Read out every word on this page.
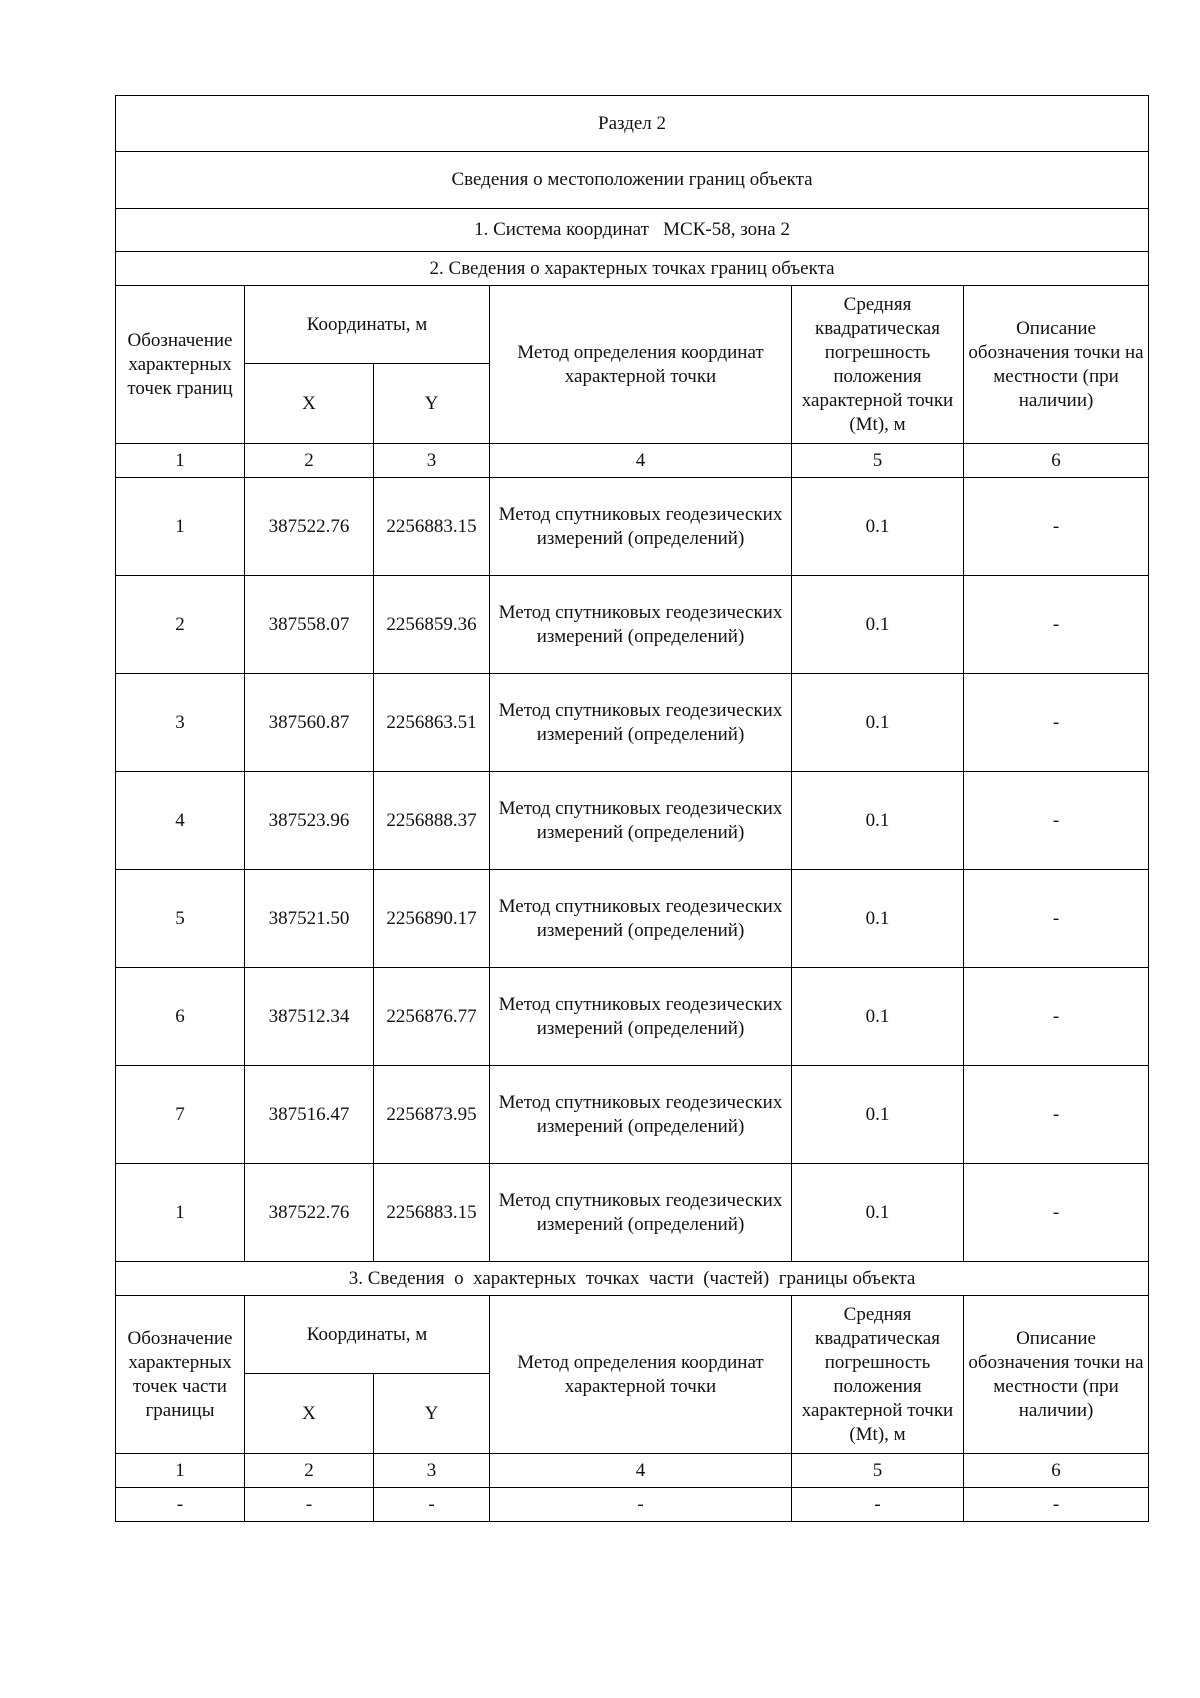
Раздел 2					
Сведения о местоположении границ объекта					
1. Система координат   МСК-58, зона 2					
2. Сведения о характерных точках границ объекта					
Обозначение характерных точек границ	Координаты, м		Метод определения координат характерной точки	Средняя квадратическая погрешность положения характерной точки (Mt), м	Описание обозначения точки на местности (при наличии)
	X	Y			
1	2	3	4	5	6
1	387522.76	2256883.15	Метод спутниковых геодезических измерений (определений)	0.1	-
2	387558.07	2256859.36	Метод спутниковых геодезических измерений (определений)	0.1	-
3	387560.87	2256863.51	Метод спутниковых геодезических измерений (определений)	0.1	-
4	387523.96	2256888.37	Метод спутниковых геодезических измерений (определений)	0.1	-
5	387521.50	2256890.17	Метод спутниковых геодезических измерений (определений)	0.1	-
6	387512.34	2256876.77	Метод спутниковых геодезических измерений (определений)	0.1	-
7	387516.47	2256873.95	Метод спутниковых геодезических измерений (определений)	0.1	-
1	387522.76	2256883.15	Метод спутниковых геодезических измерений (определений)	0.1	-
3. Сведения  о  характерных  точках  части  (частей)  границы объекта					
Обозначение характерных точек части границы	Координаты, м		Метод определения координат характерной точки	Средняя квадратическая погрешность положения характерной точки (Mt), м	Описание обозначения точки на местности (при наличии)
	X	Y			
1	2	3	4	5	6
-	-	-	-	-	-
